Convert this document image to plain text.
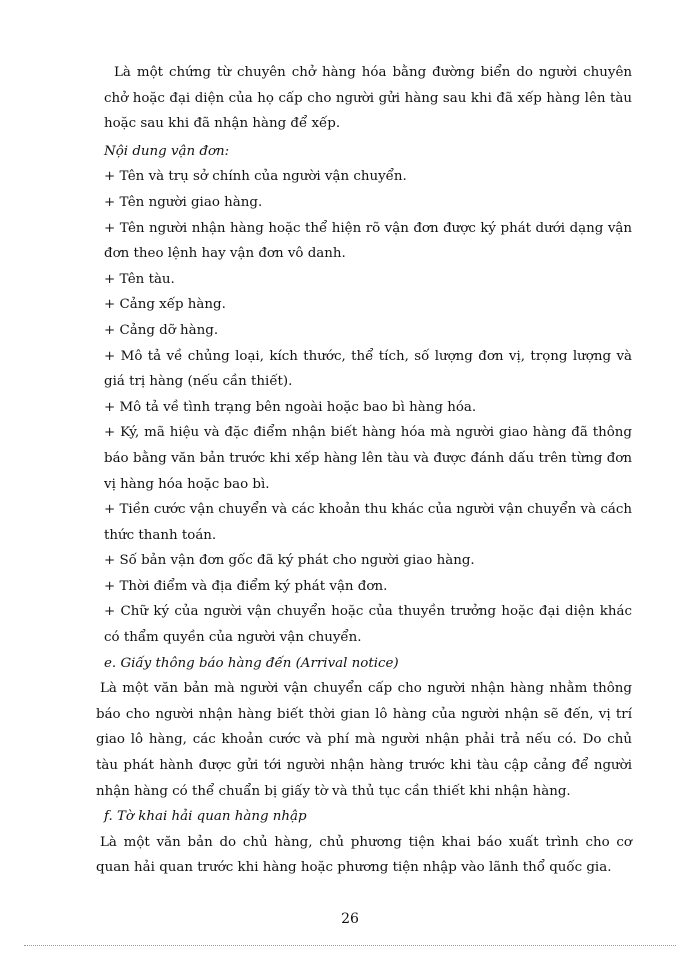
Là một chứng từ chuyên chở hàng hóa bằng đường biển do người chuyên chở hoặc đại diện của họ cấp cho người gửi hàng sau khi đã xếp hàng lên tàu hoặc sau khi đã nhận hàng để xếp.

Nội dung vận đơn:

+ Tên và trụ sở chính của người vận chuyển.

+ Tên người giao hàng.

+ Tên người nhận hàng hoặc thể hiện rõ vận đơn được ký phát dưới dạng vận đơn theo lệnh hay vận đơn vô danh.

+ Tên tàu.

+ Cảng xếp hàng.

+ Cảng dỡ hàng.

+ Mô tả về chủng loại, kích thước, thể tích, số lượng đơn vị, trọng lượng và giá trị hàng (nếu cần thiết).

+ Mô tả về tình trạng bên ngoài hoặc bao bì hàng hóa.

+ Ký, mã hiệu và đặc điểm nhận biết hàng hóa mà người giao hàng đã thông báo bằng văn bản trước khi xếp hàng lên tàu và được đánh dấu trên từng đơn vị hàng hóa hoặc bao bì.

+ Tiền cước vận chuyển và các khoản thu khác của người vận chuyển và cách thức thanh toán.

+ Số bản vận đơn gốc đã ký phát cho người giao hàng.

+ Thời điểm và địa điểm ký phát vận đơn.

+ Chữ ký của người vận chuyển hoặc của thuyền trưởng hoặc đại diện khác có thẩm quyền của người vận chuyển.

e. Giấy thông báo hàng đến (Arrival notice)

Là một văn bản mà người vận chuyển cấp cho người nhận hàng nhằm thông báo cho người nhận hàng biết thời gian lô hàng của người nhận sẽ đến, vị trí giao lô hàng, các khoản cước và phí mà người nhận phải trả nếu có. Do chủ tàu phát hành được gửi tới người nhận hàng trước khi tàu cập cảng để người nhận hàng có thể chuẩn bị giấy tờ và thủ tục cần thiết khi nhận hàng.

f. Tờ khai hải quan hàng nhập

Là một văn bản do chủ hàng, chủ phương tiện khai báo xuất trình cho cơ quan hải quan trước khi hàng hoặc phương tiện nhập vào lãnh thổ quốc gia.

26
